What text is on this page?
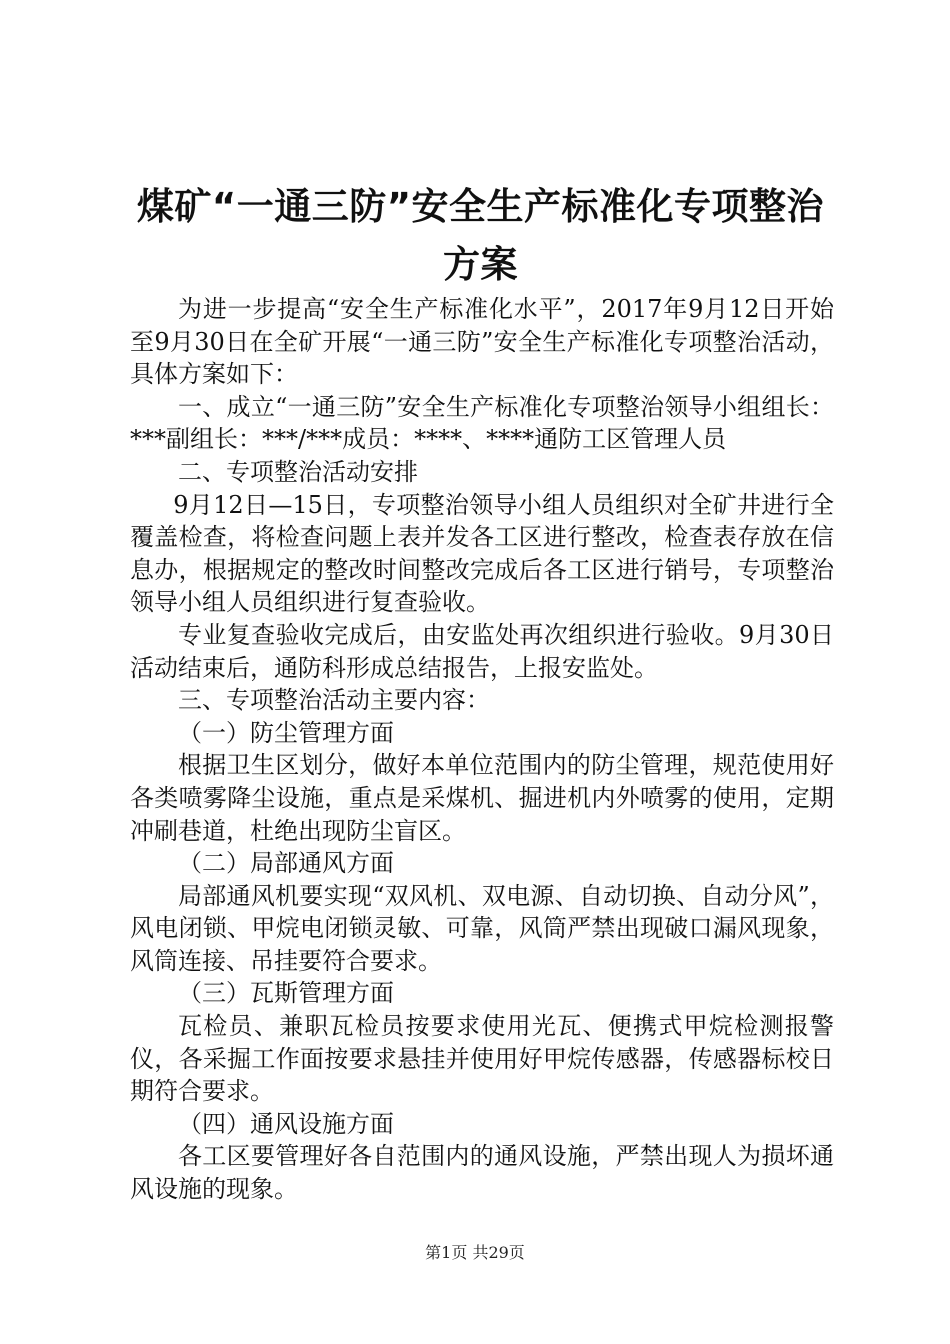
煤矿“一通三防”安全生产标准化专项整治方案

为进一步提高“安全生产标准化水平”，2017年9月12日开始至9月30日在全矿开展“一通三防”安全生产标准化专项整治活动，具体方案如下：

一、成立“一通三防”安全生产标准化专项整治领导小组组长：***副组长：***/***成员：****、****通防工区管理人员

二、专项整治活动安排

9月12日—15日，专项整治领导小组人员组织对全矿井进行全覆盖检查，将检查问题上表并发各工区进行整改，检查表存放在信息办，根据规定的整改时间整改完成后各工区进行销号，专项整治领导小组人员组织进行复查验收。

专业复查验收完成后，由安监处再次组织进行验收。9月30日活动结束后，通防科形成总结报告，上报安监处。

三、专项整治活动主要内容：

（一）防尘管理方面

根据卫生区划分，做好本单位范围内的防尘管理，规范使用好各类喷雾降尘设施，重点是采煤机、掘进机内外喷雾的使用，定期冲刷巷道，杜绝出现防尘盲区。

（二）局部通风方面

局部通风机要实现“双风机、双电源、自动切换、自动分风”，风电闭锁、甲烷电闭锁灵敏、可靠，风筒严禁出现破口漏风现象，风筒连接、吊挂要符合要求。

（三）瓦斯管理方面

瓦检员、兼职瓦检员按要求使用光瓦、便携式甲烷检测报警仪，各采掘工作面按要求悬挂并使用好甲烷传感器，传感器标校日期符合要求。

（四）通风设施方面

各工区要管理好各自范围内的通风设施，严禁出现人为损坏通风设施的现象。

第1页 共29页
